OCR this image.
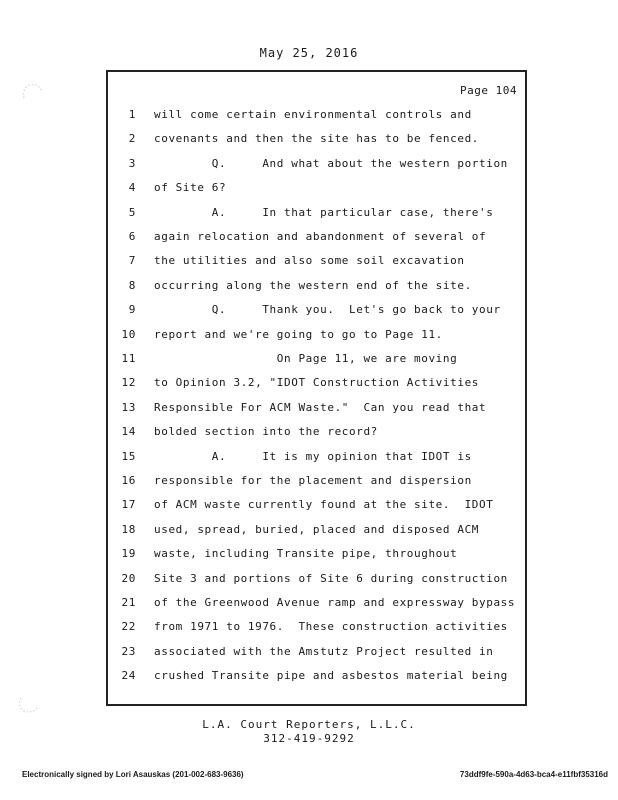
May 25, 2016
Page 104
1 will come certain environmental controls and
2 covenants and then the site has to be fenced.
3 Q.     And what about the western portion
4 of Site 6?
5 A.     In that particular case, there's
6 again relocation and abandonment of several of
7 the utilities and also some soil excavation
8 occurring along the western end of the site.
9 Q.     Thank you.  Let's go back to your
10 report and we're going to go to Page 11.
11 On Page 11, we are moving
12 to Opinion 3.2, "IDOT Construction Activities
13 Responsible For ACM Waste."  Can you read that
14 bolded section into the record?
15 A.     It is my opinion that IDOT is
16 responsible for the placement and dispersion
17 of ACM waste currently found at the site.  IDOT
18 used, spread, buried, placed and disposed ACM
19 waste, including Transite pipe, throughout
20 Site 3 and portions of Site 6 during construction
21 of the Greenwood Avenue ramp and expressway bypass
22 from 1971 to 1976.  These construction activities
23 associated with the Amstutz Project resulted in
24 crushed Transite pipe and asbestos material being
L.A. Court Reporters, L.L.C.
312-419-9292
Electronically signed by Lori Asauskas (201-002-683-9636)	73ddf9fe-590a-4d63-bca4-e11fbf35316d
